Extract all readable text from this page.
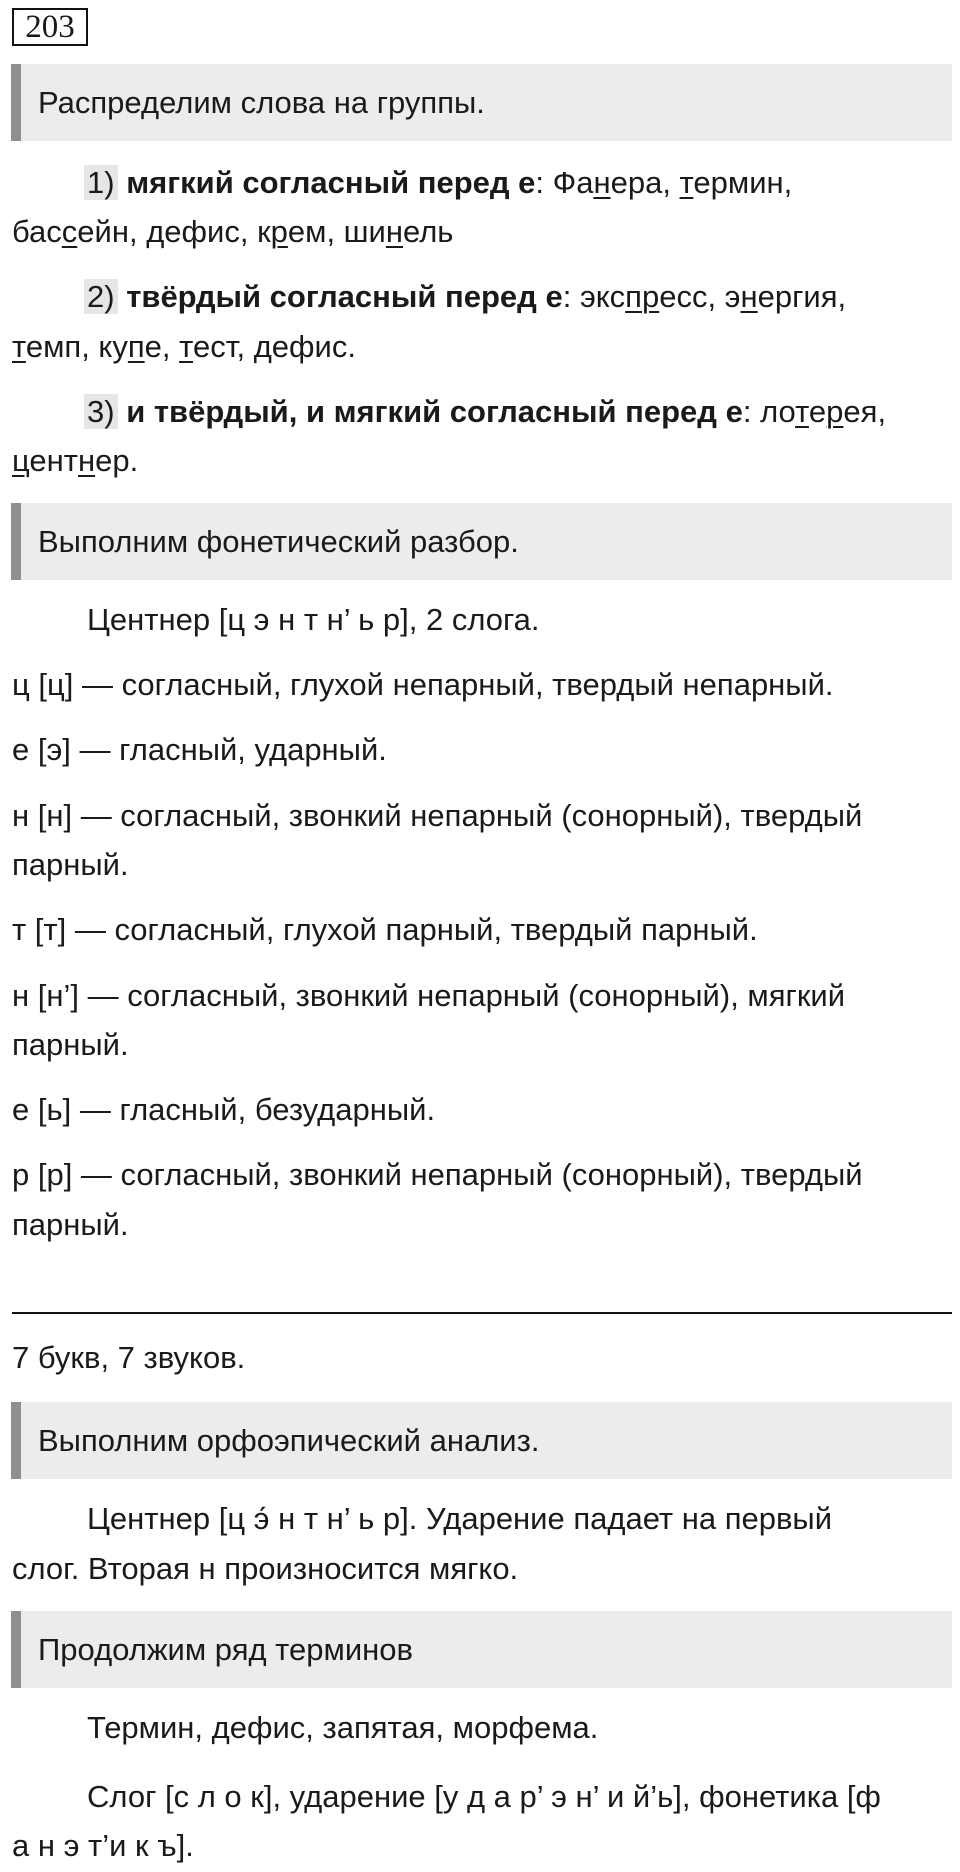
203
Распределим слова на группы.
1) мягкий согласный перед е: Фанера, термин,
бассейн, дефис, крем, шинель
2) твёрдый согласный перед е: экспресс, энергия,
темп, купе, тест, дефис.
3) и твёрдый, и мягкий согласный перед е: лотерея,
центнер.
Выполним фонетический разбор.
Центнер [ц э н т н’ ь р], 2 слога.
ц [ц] — согласный, глухой непарный, твердый непарный.
е [э] — гласный, ударный.
н [н] — согласный, звонкий непарный (сонорный), твердый
парный.
т [т] — согласный, глухой парный, твердый парный.
н [н’] — согласный, звонкий непарный (сонорный), мягкий
парный.
е [ь] — гласный, безударный.
р [р] — согласный, звонкий непарный (сонорный), твердый
парный.
7 букв, 7 звуков.
Выполним орфоэпический анализ.
Центнер [ц э́ н т н’ ь р]. Ударение падает на первый
слог. Вторая н произносится мягко.
Продолжим ряд терминов
Термин, дефис, запятая, морфема.
Слог [с л о к], ударение [у д а р’ э н’ и й’ь], фонетика [ф
а н э т’и к ъ].
